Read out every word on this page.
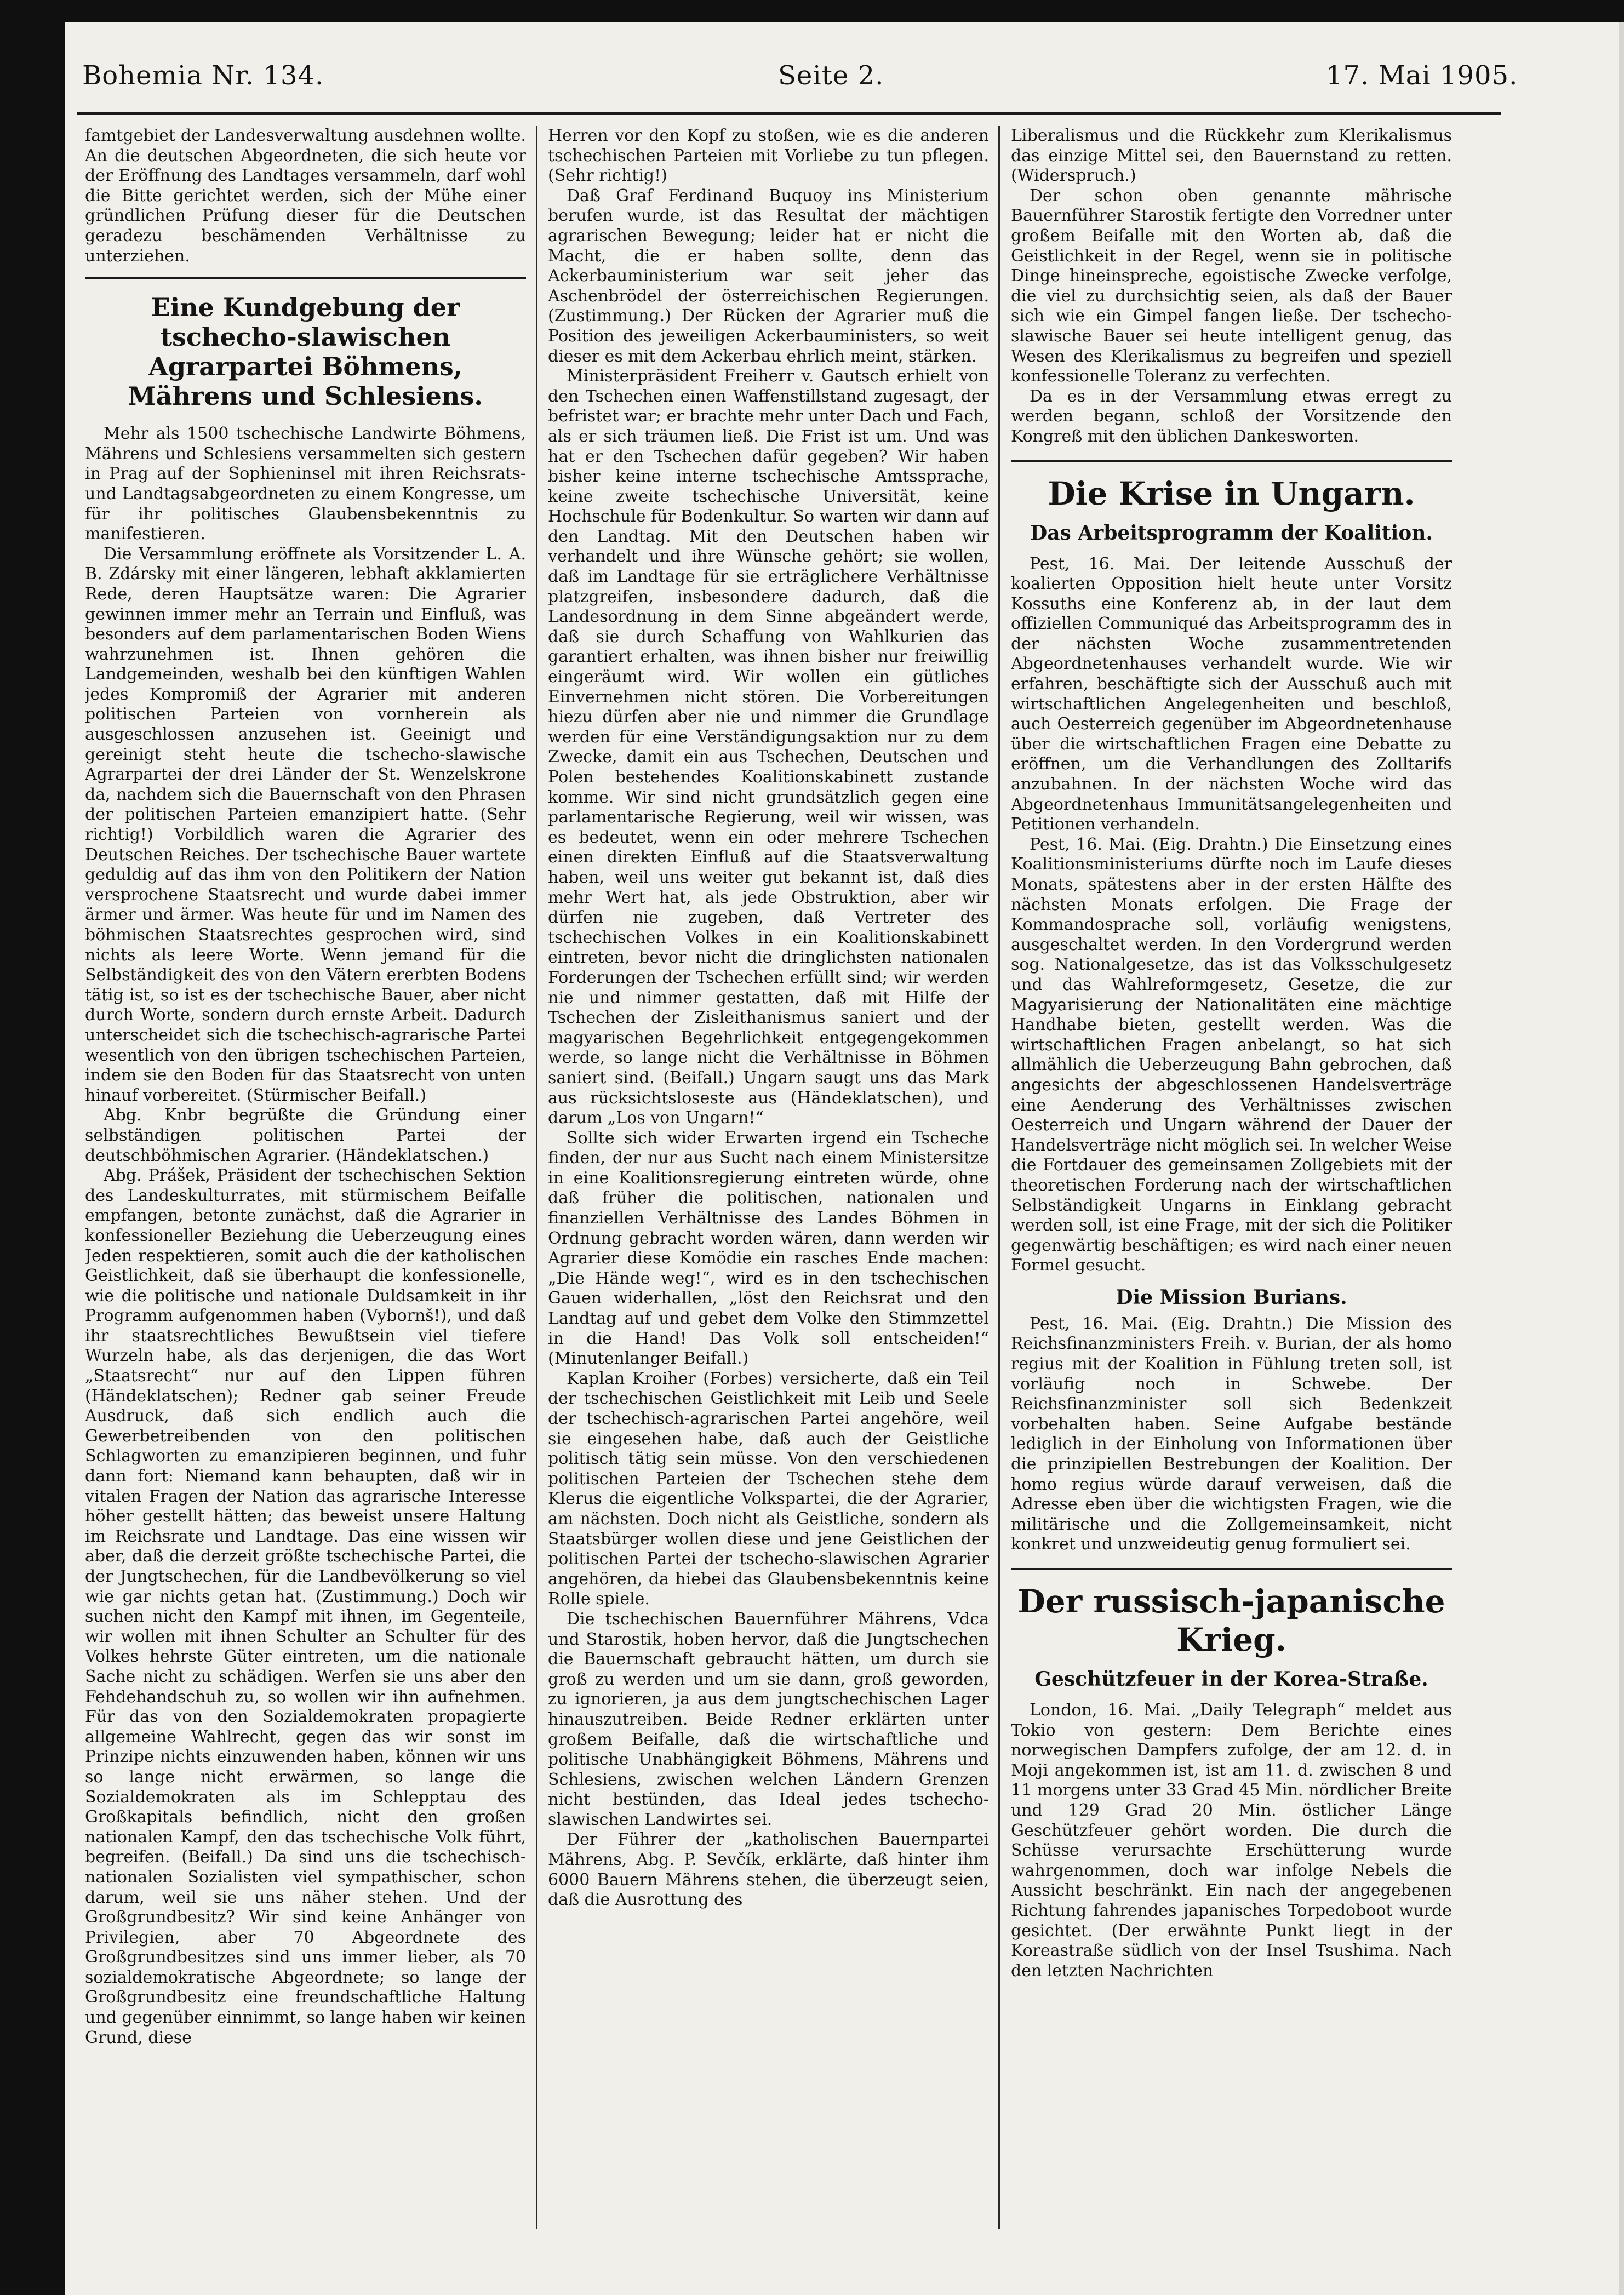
Bohemia Nr. 134.	Seite 2.	17. Mai 1905.

famtgebiet der Landesverwaltung ausdehnen wollte. An die deutschen Abgeordneten, die sich heute vor der Eröffnung des Landtages versammeln, darf wohl die Bitte gerichtet werden, sich der Mühe einer gründlichen Prüfung dieser für die Deutschen geradezu beschämenden Verhältnisse zu unterziehen.

Eine Kundgebung der tschecho-slawischen Agrarpartei Böhmens, Mährens und Schlesiens.

Mehr als 1500 tschechische Landwirte Böhmens, Mährens und Schlesiens versammelten sich gestern in Prag auf der Sophieninsel mit ihren Reichsrats- und Landtagsabgeordneten zu einem Kongresse, um für ihr politisches Glaubensbekenntnis zu manifestieren.

Die Versammlung eröffnete als Vorsitzender L. A. B. Zdársky mit einer längeren, lebhaft akklamierten Rede, deren Hauptsätze waren: Die Agrarier gewinnen immer mehr an Terrain und Einfluß, was besonders auf dem parlamentarischen Boden Wiens wahrzunehmen ist. Ihnen gehören die Landgemeinden, weshalb bei den künftigen Wahlen jedes Kompromiß der Agrarier mit anderen politischen Parteien von vornherein als ausgeschlossen anzusehen ist. Geeinigt und gereinigt steht heute die tschecho-slawische Agrarpartei der drei Länder der St. Wenzelskrone da, nachdem sich die Bauernschaft von den Phrasen der politischen Parteien emanzipiert hatte. (Sehr richtig!) Vorbildlich waren die Agrarier des Deutschen Reiches. Der tschechische Bauer wartete geduldig auf das ihm von den Politikern der Nation versprochene Staatsrecht und wurde dabei immer ärmer und ärmer. Was heute für und im Namen des böhmischen Staatsrechtes gesprochen wird, sind nichts als leere Worte. Wenn jemand für die Selbständigkeit des von den Vätern ererbten Bodens tätig ist, so ist es der tschechische Bauer, aber nicht durch Worte, sondern durch ernste Arbeit. Dadurch unterscheidet sich die tschechisch-agrarische Partei wesentlich von den übrigen tschechischen Parteien, indem sie den Boden für das Staatsrecht von unten hinauf vorbereitet. (Stürmischer Beifall.)

Abg. Knbr begrüßte die Gründung einer selbständigen politischen Partei der deutschböhmischen Agrarier. (Händeklatschen.)

Abg. Prášek, Präsident der tschechischen Sektion des Landeskulturrates, mit stürmischem Beifalle empfangen, betonte zunächst, daß die Agrarier in konfessioneller Beziehung die Ueberzeugung eines Jeden respektieren, somit auch die der katholischen Geistlichkeit, daß sie überhaupt die konfessionelle, wie die politische und nationale Duldsamkeit in ihr Programm aufgenommen haben (Vybornš!), und daß ihr staatsrechtliches Bewußtsein viel tiefere Wurzeln habe, als das derjenigen, die das Wort „Staatsrecht“ nur auf den Lippen führen (Händeklatschen); Redner gab seiner Freude Ausdruck, daß sich endlich auch die Gewerbetreibenden von den politischen Schlagworten zu emanzipieren beginnen, und fuhr dann fort: Niemand kann behaupten, daß wir in vitalen Fragen der Nation das agrarische Interesse höher gestellt hätten; das beweist unsere Haltung im Reichsrate und Landtage. Das eine wissen wir aber, daß die derzeit größte tschechische Partei, die der Jungtschechen, für die Landbevölkerung so viel wie gar nichts getan hat. (Zustimmung.) Doch wir suchen nicht den Kampf mit ihnen, im Gegenteile, wir wollen mit ihnen Schulter an Schulter für des Volkes hehrste Güter eintreten, um die nationale Sache nicht zu schädigen. Werfen sie uns aber den Fehdehandschuh zu, so wollen wir ihn aufnehmen. Für das von den Sozialdemokraten propagierte allgemeine Wahlrecht, gegen das wir sonst im Prinzipe nichts einzuwenden haben, können wir uns so lange nicht erwärmen, so lange die Sozialdemokraten als im Schlepptau des Großkapitals befindlich, nicht den großen nationalen Kampf, den das tschechische Volk führt, begreifen. (Beifall.) Da sind uns die tschechisch-nationalen Sozialisten viel sympathischer, schon darum, weil sie uns näher stehen. Und der Großgrundbesitz? Wir sind keine Anhänger von Privilegien, aber 70 Abgeordnete des Großgrundbesitzes sind uns immer lieber, als 70 sozialdemokratische Abgeordnete; so lange der Großgrundbesitz eine freundschaftliche Haltung und gegenüber einnimmt, so lange haben wir keinen Grund, diese

Herren vor den Kopf zu stoßen, wie es die anderen tschechischen Parteien mit Vorliebe zu tun pflegen. (Sehr richtig!)

Daß Graf Ferdinand Buquoy ins Ministerium berufen wurde, ist das Resultat der mächtigen agrarischen Bewegung; leider hat er nicht die Macht, die er haben sollte, denn das Ackerbauministerium war seit jeher das Aschenbrödel der österreichischen Regierungen. (Zustimmung.) Der Rücken der Agrarier muß die Position des jeweiligen Ackerbauministers, so weit dieser es mit dem Ackerbau ehrlich meint, stärken.

Ministerpräsident Freiherr v. Gautsch erhielt von den Tschechen einen Waffenstillstand zugesagt, der befristet war; er brachte mehr unter Dach und Fach, als er sich träumen ließ. Die Frist ist um. Und was hat er den Tschechen dafür gegeben? Wir haben bisher keine interne tschechische Amtssprache, keine zweite tschechische Universität, keine Hochschule für Bodenkultur. So warten wir dann auf den Landtag. Mit den Deutschen haben wir verhandelt und ihre Wünsche gehört; sie wollen, daß im Landtage für sie erträglichere Verhältnisse platzgreifen, insbesondere dadurch, daß die Landesordnung in dem Sinne abgeändert werde, daß sie durch Schaffung von Wahlkurien das garantiert erhalten, was ihnen bisher nur freiwillig eingeräumt wird. Wir wollen ein gütliches Einvernehmen nicht stören. Die Vorbereitungen hiezu dürfen aber nie und nimmer die Grundlage werden für eine Verständigungsaktion nur zu dem Zwecke, damit ein aus Tschechen, Deutschen und Polen bestehendes Koalitionskabinett zustande komme. Wir sind nicht grundsätzlich gegen eine parlamentarische Regierung, weil wir wissen, was es bedeutet, wenn ein oder mehrere Tschechen einen direkten Einfluß auf die Staatsverwaltung haben, weil uns weiter gut bekannt ist, daß dies mehr Wert hat, als jede Obstruktion, aber wir dürfen nie zugeben, daß Vertreter des tschechischen Volkes in ein Koalitionskabinett eintreten, bevor nicht die dringlichsten nationalen Forderungen der Tschechen erfüllt sind; wir werden nie und nimmer gestatten, daß mit Hilfe der Tschechen der Zisleithanismus saniert und der magyarischen Begehrlichkeit entgegengekommen werde, so lange nicht die Verhältnisse in Böhmen saniert sind. (Beifall.) Ungarn saugt uns das Mark aus rücksichtsloseste aus (Händeklatschen), und darum „Los von Ungarn!“

Sollte sich wider Erwarten irgend ein Tscheche finden, der nur aus Sucht nach einem Ministersitze in eine Koalitionsregierung eintreten würde, ohne daß früher die politischen, nationalen und finanziellen Verhältnisse des Landes Böhmen in Ordnung gebracht worden wären, dann werden wir Agrarier diese Komödie ein rasches Ende machen: „Die Hände weg!“, wird es in den tschechischen Gauen widerhallen, „löst den Reichsrat und den Landtag auf und gebet dem Volke den Stimmzettel in die Hand! Das Volk soll entscheiden!“ (Minutenlanger Beifall.)

Kaplan Kroiher (Forbes) versicherte, daß ein Teil der tschechischen Geistlichkeit mit Leib und Seele der tschechisch-agrarischen Partei angehöre, weil sie eingesehen habe, daß auch der Geistliche politisch tätig sein müsse. Von den verschiedenen politischen Parteien der Tschechen stehe dem Klerus die eigentliche Volkspartei, die der Agrarier, am nächsten. Doch nicht als Geistliche, sondern als Staatsbürger wollen diese und jene Geistlichen der politischen Partei der tschecho-slawischen Agrarier angehören, da hiebei das Glaubensbekenntnis keine Rolle spiele.

Die tschechischen Bauernführer Mährens, Vdca und Starostik, hoben hervor, daß die Jungtschechen die Bauernschaft gebraucht hätten, um durch sie groß zu werden und um sie dann, groß geworden, zu ignorieren, ja aus dem jungtschechischen Lager hinauszutreiben. Beide Redner erklärten unter großem Beifalle, daß die wirtschaftliche und politische Unabhängigkeit Böhmens, Mährens und Schlesiens, zwischen welchen Ländern Grenzen nicht bestünden, das Ideal jedes tschecho-slawischen Landwirtes sei.

Der Führer der „katholischen Bauernpartei Mährens, Abg. P. Sevčík, erklärte, daß hinter ihm 6000 Bauern Mährens stehen, die überzeugt seien, daß die Ausrottung des

Liberalismus und die Rückkehr zum Klerikalismus das einzige Mittel sei, den Bauernstand zu retten. (Widerspruch.)

Der schon oben genannte mährische Bauernführer Starostik fertigte den Vorredner unter großem Beifalle mit den Worten ab, daß die Geistlichkeit in der Regel, wenn sie in politische Dinge hineinspreche, egoistische Zwecke verfolge, die viel zu durchsichtig seien, als daß der Bauer sich wie ein Gimpel fangen ließe. Der tschecho-slawische Bauer sei heute intelligent genug, das Wesen des Klerikalismus zu begreifen und speziell konfessionelle Toleranz zu verfechten.

Da es in der Versammlung etwas erregt zu werden begann, schloß der Vorsitzende den Kongreß mit den üblichen Dankesworten.

Die Krise in Ungarn.
Das Arbeitsprogramm der Koalition.

Pest, 16. Mai. Der leitende Ausschuß der koalierten Opposition hielt heute unter Vorsitz Kossuths eine Konferenz ab, in der laut dem offiziellen Communiqué das Arbeitsprogramm des in der nächsten Woche zusammentretenden Abgeordnetenhauses verhandelt wurde. Wie wir erfahren, beschäftigte sich der Ausschuß auch mit wirtschaftlichen Angelegenheiten und beschloß, auch Oesterreich gegenüber im Abgeordnetenhause über die wirtschaftlichen Fragen eine Debatte zu eröffnen, um die Verhandlungen des Zolltarifs anzubahnen. In der nächsten Woche wird das Abgeordnetenhaus Immunitätsangelegenheiten und Petitionen verhandeln.

Pest, 16. Mai. (Eig. Drahtn.) Die Einsetzung eines Koalitionsministeriums dürfte noch im Laufe dieses Monats, spätestens aber in der ersten Hälfte des nächsten Monats erfolgen. Die Frage der Kommandosprache soll, vorläufig wenigstens, ausgeschaltet werden. In den Vordergrund werden sog. Nationalgesetze, das ist das Volksschulgesetz und das Wahlreformgesetz, Gesetze, die zur Magyarisierung der Nationalitäten eine mächtige Handhabe bieten, gestellt werden. Was die wirtschaftlichen Fragen anbelangt, so hat sich allmählich die Ueberzeugung Bahn gebrochen, daß angesichts der abgeschlossenen Handelsverträge eine Aenderung des Verhältnisses zwischen Oesterreich und Ungarn während der Dauer der Handelsverträge nicht möglich sei. In welcher Weise die Fortdauer des gemeinsamen Zollgebiets mit der theoretischen Forderung nach der wirtschaftlichen Selbständigkeit Ungarns in Einklang gebracht werden soll, ist eine Frage, mit der sich die Politiker gegenwärtig beschäftigen; es wird nach einer neuen Formel gesucht.

Die Mission Burians.

Pest, 16. Mai. (Eig. Drahtn.) Die Mission des Reichsfinanzministers Freih. v. Burian, der als homo regius mit der Koalition in Fühlung treten soll, ist vorläufig noch in Schwebe. Der Reichsfinanzminister soll sich Bedenkzeit vorbehalten haben. Seine Aufgabe bestände lediglich in der Einholung von Informationen über die prinzipiellen Bestrebungen der Koalition. Der homo regius würde darauf verweisen, daß die Adresse eben über die wichtigsten Fragen, wie die militärische und die Zollgemeinsamkeit, nicht konkret und unzweideutig genug formuliert sei.

Der russisch-japanische Krieg.
Geschützfeuer in der Korea-Straße.

London, 16. Mai. „Daily Telegraph“ meldet aus Tokio von gestern: Dem Berichte eines norwegischen Dampfers zufolge, der am 12. d. in Moji angekommen ist, ist am 11. d. zwischen 8 und 11 morgens unter 33 Grad 45 Min. nördlicher Breite und 129 Grad 20 Min. östlicher Länge Geschützfeuer gehört worden. Die durch die Schüsse verursachte Erschütterung wurde wahrgenommen, doch war infolge Nebels die Aussicht beschränkt. Ein nach der angegebenen Richtung fahrendes japanisches Torpedoboot wurde gesichtet. (Der erwähnte Punkt liegt in der Koreastraße südlich von der Insel Tsushima. Nach den letzten Nachrichten
